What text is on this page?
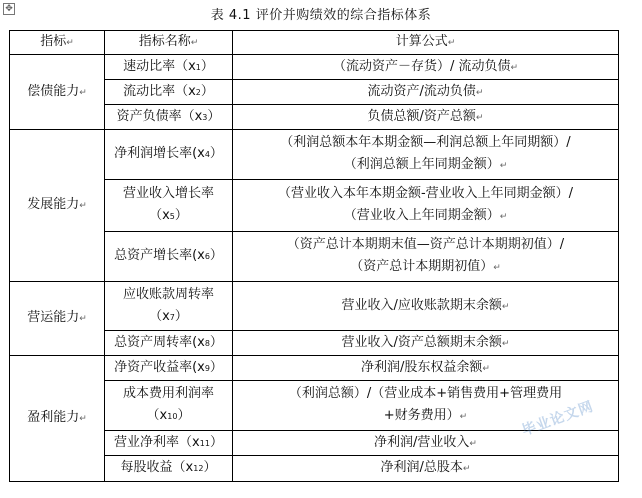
✥	表 4.1 评价并购绩效的综合指标体系
指标↵	指标名称↵	计算公式↵
偿债能力↵	速动比率（x1）	（流动资产－存货）/ 流动负债↵
	流动比率（x2）	流动资产/流动负债↵
	资产负债率（x3）	负债总额/资产总额↵
发展能力↵	净利润增长率(x4）	（利润总额本年本期金额—利润总额上年同期额）/
（利润总额上年同期金额）↵
	营业收入增长率
（x5）	（营业收入本年本期金额-营业收入上年同期金额）/
（营业收入上年同期金额）↵
	总资产增长率(x6）	（资产总计本期期末值—资产总计本期期初值）/
（资产总计本期期初值）↵
营运能力↵	应收账款周转率
（x7）	营业收入/应收账款期末余额↵
	总资产周转率(x8）	营业收入/资产总额期末余额↵
盈利能力↵	净资产收益率(x9）	净利润/股东权益余额↵
	成本费用利润率
（x10）	（利润总额）/（营业成本+销售费用+管理费用
+财务费用）↵
	营业净利率（x11）	净利润/营业收入↵
	每股收益（x12）	净利润/总股本↵
毕业论文网
